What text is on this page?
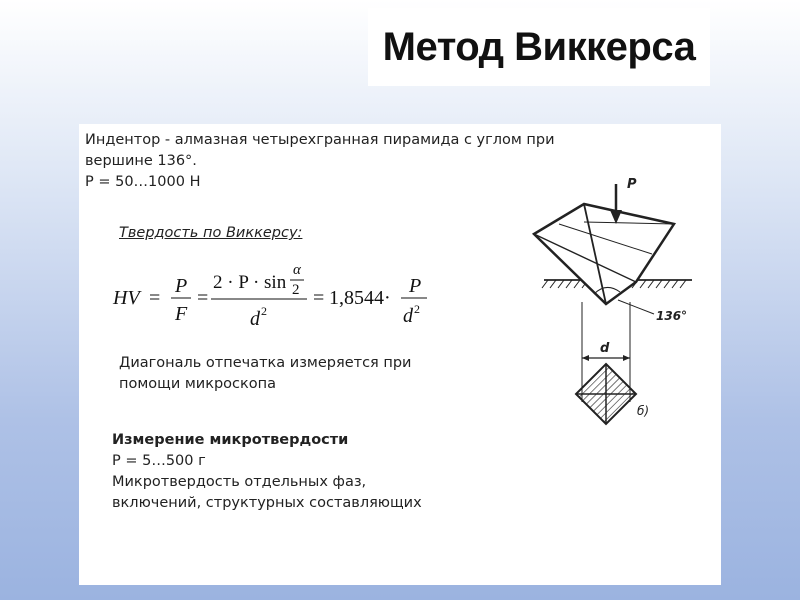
Метод Виккерса

Индентор - алмазная четырехгранная пирамида с углом при

вершине 136°.

P = 50…1000 Н

Твердость по Виккерсу:
HV =
P
F
=
2 · P · sin
α
2
d 2
= 1,8544·
P
d 2

Диагональ отпечатка измеряется при

помощи микроскопа

Измерение микротвердости

P = 5…500 г

Микротвердость отдельных фаз,

включений, структурных составляющих

P
136°
d
б)
